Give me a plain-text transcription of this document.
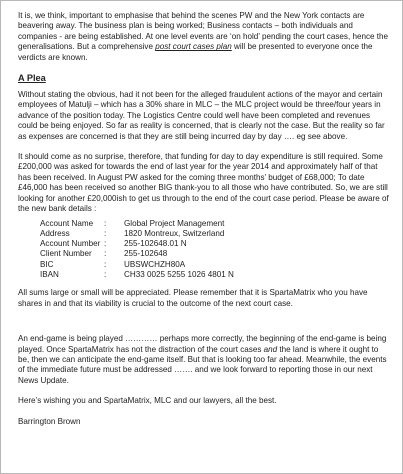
It is, we think, important to emphasise that behind the scenes PW and the New York contacts are beavering away. The business plan is being worked; Business contacts – both individuals and companies - are being established. At one level events are ‘on hold’ pending the court cases, hence the generalisations. But a comprehensive post court cases plan will be presented to everyone once the verdicts are known.

A Plea

Without stating the obvious, had it not been for the alleged fraudulent actions of the mayor and certain employees of Matulji – which has a 30% share in MLC – the MLC project would be three/four years in advance of the position today. The Logistics Centre could well have been completed and revenues could be being enjoyed. So far as reality is concerned, that is clearly not the case. But the reality so far as expenses are concerned is that they are still being incurred day by day …. eg see above.

It should come as no surprise, therefore, that funding for day to day expenditure is still required. Some £200,000 was asked for towards the end of last year for the year 2014 and approximately half of that has been received. In August PW asked for the coming three months’ budget of £68,000; To date £46,000 has been received so another BIG thank-you to all those who have contributed. So, we are still looking for another £20,000ish to get us through to the end of the court case period. Please be aware of the new bank details :

Account Name	:	Global Project Management
Address	:	1820 Montreux, Switzerland
Account Number	:	255-102648.01 N
Client Number	:	255-102648
BIC	:	UBSWCHZH80A
IBAN	:	CH33 0025 5255 1026 4801 N

All sums large or small will be appreciated. Please remember that it is SpartaMatrix who you have shares in and that its viability is crucial to the outcome of the next court case.

An end-game is being played ………… perhaps more correctly, the beginning of the end-game is being played. Once SpartaMatrix has not the distraction of the court cases and the land is where it ought to be, then we can anticipate the end-game itself. But that is looking too far ahead. Meanwhile, the events of the immediate future must be addressed ……. and we look forward to reporting those in our next News Update.

Here’s wishing you and SpartaMatrix, MLC and our lawyers, all the best.

Barrington Brown
